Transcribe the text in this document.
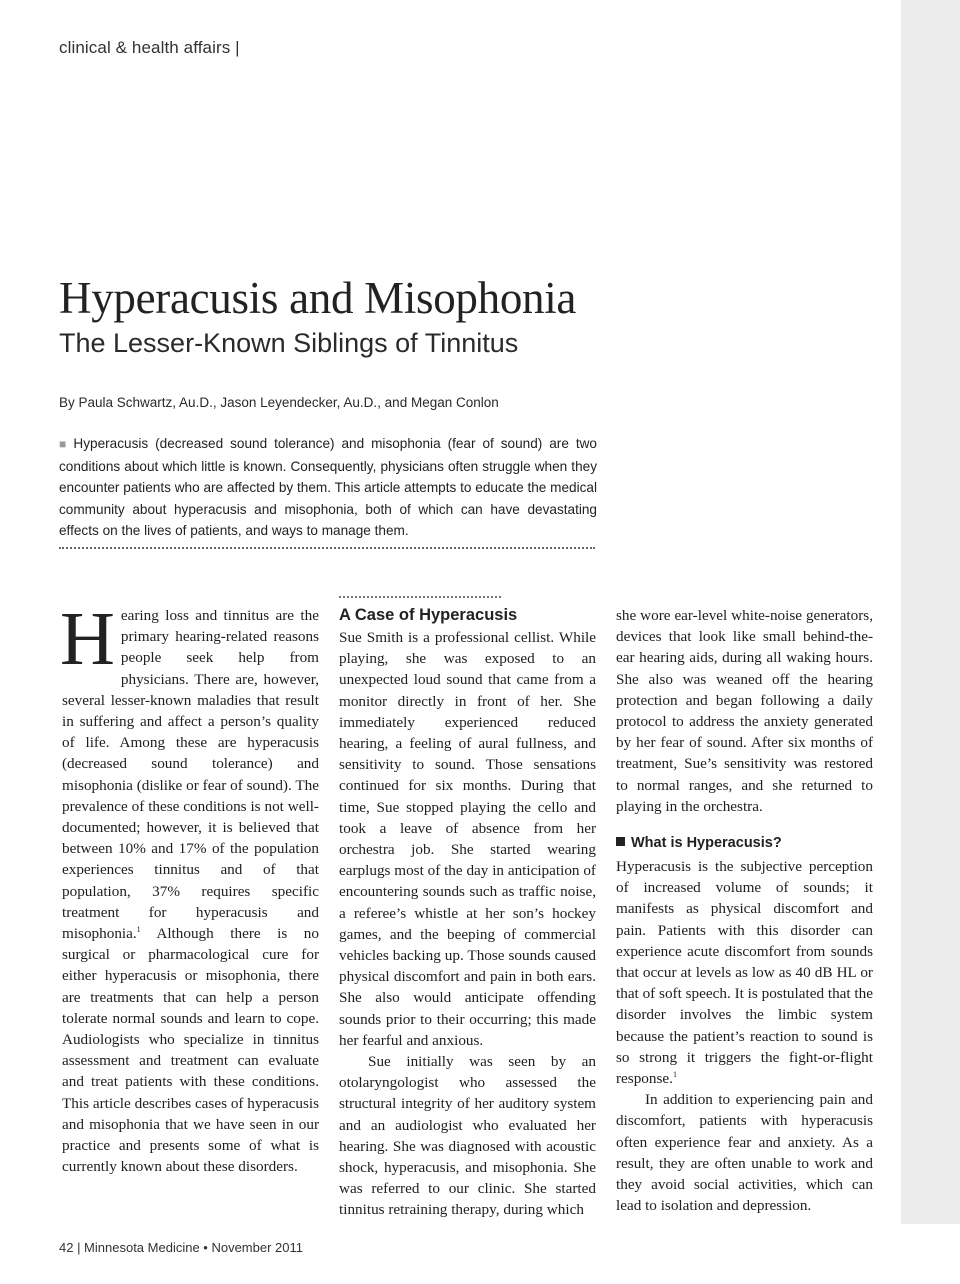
clinical & health affairs |
Hyperacusis and Misophonia
The Lesser-Known Siblings of Tinnitus
By Paula Schwartz, Au.D., Jason Leyendecker, Au.D., and Megan Conlon
■ Hyperacusis (decreased sound tolerance) and misophonia (fear of sound) are two conditions about which little is known. Consequently, physicians often struggle when they encounter patients who are affected by them. This article attempts to educate the medical community about hyperacusis and misophonia, both of which can have devastating effects on the lives of patients, and ways to manage them.

Hearing loss and tinnitus are the primary hearing-related reasons people seek help from physicians. There are, however, several lesser-known maladies that result in suffering and affect a person’s quality of life. Among these are hyperacusis (decreased sound tolerance) and misophonia (dislike or fear of sound). The prevalence of these conditions is not well-documented; however, it is believed that between 10% and 17% of the population experiences tinnitus and of that population, 37% requires specific treatment for hyperacusis and misophonia.$^1$ Although there is no surgical or pharmacological cure for either hyperacusis or misophonia, there are treatments that can help a person tolerate normal sounds and learn to cope. Audiologists who specialize in tinnitus assessment and treatment can evaluate and treat patients with these conditions. This article describes cases of hyperacusis and misophonia that we have seen in our practice and presents some of what is currently known about these disorders.

A Case of Hyperacusis

Sue Smith is a professional cellist. While playing, she was exposed to an unexpected loud sound that came from a monitor directly in front of her. She immediately experienced reduced hearing, a feeling of aural fullness, and sensitivity to sound. Those sensations continued for six months. During that time, Sue stopped playing the cello and took a leave of absence from her orchestra job. She started wearing earplugs most of the day in anticipation of encountering sounds such as traffic noise, a referee’s whistle at her son’s hockey games, and the beeping of commercial vehicles backing up. Those sounds caused physical discomfort and pain in both ears. She also would anticipate offending sounds prior to their occurring; this made her fearful and anxious.

Sue initially was seen by an otolaryngologist who assessed the structural integrity of her auditory system and an audiologist who evaluated her hearing. She was diagnosed with acoustic shock, hyperacusis, and misophonia. She was referred to our clinic. She started tinnitus retraining therapy, during which

she wore ear-level white-noise generators, devices that look like small behind-the-ear hearing aids, during all waking hours. She also was weaned off the hearing protection and began following a daily protocol to address the anxiety generated by her fear of sound. After six months of treatment, Sue’s sensitivity was restored to normal ranges, and she returned to playing in the orchestra.

What is Hyperacusis?

Hyperacusis is the subjective perception of increased volume of sounds; it manifests as physical discomfort and pain. Patients with this disorder can experience acute discomfort from sounds that occur at levels as low as 40 dB HL or that of soft speech. It is postulated that the disorder involves the limbic system because the patient’s reaction to sound is so strong it triggers the fight-or-flight response.$^1$

In addition to experiencing pain and discomfort, patients with hyperacusis often experience fear and anxiety. As a result, they are often unable to work and they avoid social activities, which can lead to isolation and depression.

42 | Minnesota Medicine • November 2011
